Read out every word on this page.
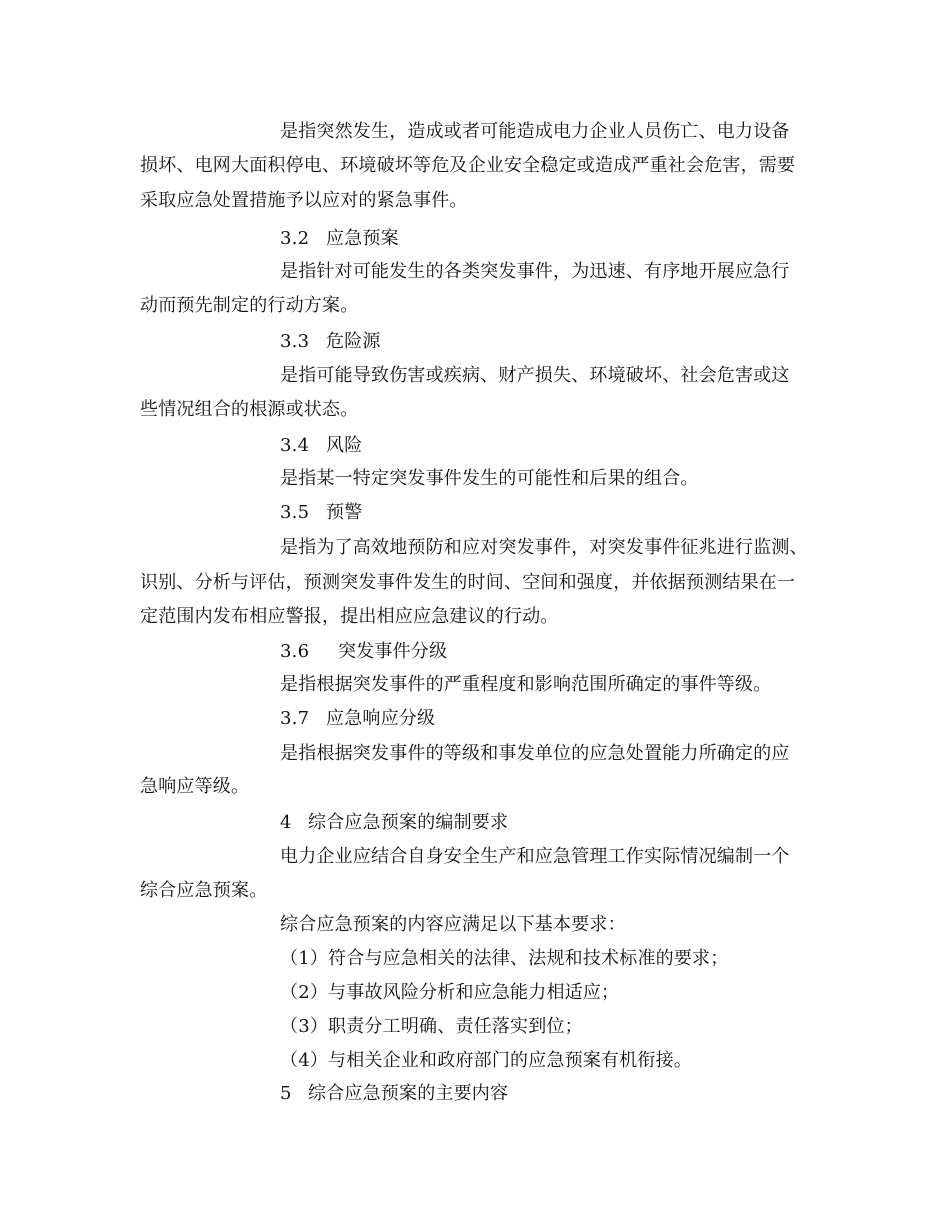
是指突然发生，造成或者可能造成电力企业人员伤亡、电力设备
损坏、电网大面积停电、环境破坏等危及企业安全稳定或造成严重社会危害，需要
采取应急处置措施予以应对的紧急事件。
3.2 应急预案
是指针对可能发生的各类突发事件，为迅速、有序地开展应急行
动而预先制定的行动方案。
3.3 危险源
是指可能导致伤害或疾病、财产损失、环境破坏、社会危害或这
些情况组合的根源或状态。
3.4 风险
是指某一特定突发事件发生的可能性和后果的组合。
3.5 预警
是指为了高效地预防和应对突发事件，对突发事件征兆进行监测、
识别、分析与评估，预测突发事件发生的时间、空间和强度，并依据预测结果在一
定范围内发布相应警报，提出相应应急建议的行动。
3.6 突发事件分级
是指根据突发事件的严重程度和影响范围所确定的事件等级。
3.7 应急响应分级
是指根据突发事件的等级和事发单位的应急处置能力所确定的应
急响应等级。
4 综合应急预案的编制要求
电力企业应结合自身安全生产和应急管理工作实际情况编制一个
综合应急预案。
综合应急预案的内容应满足以下基本要求：
（1）符合与应急相关的法律、法规和技术标准的要求；
（2）与事故风险分析和应急能力相适应；
（3）职责分工明确、责任落实到位；
（4）与相关企业和政府部门的应急预案有机衔接。
5 综合应急预案的主要内容
